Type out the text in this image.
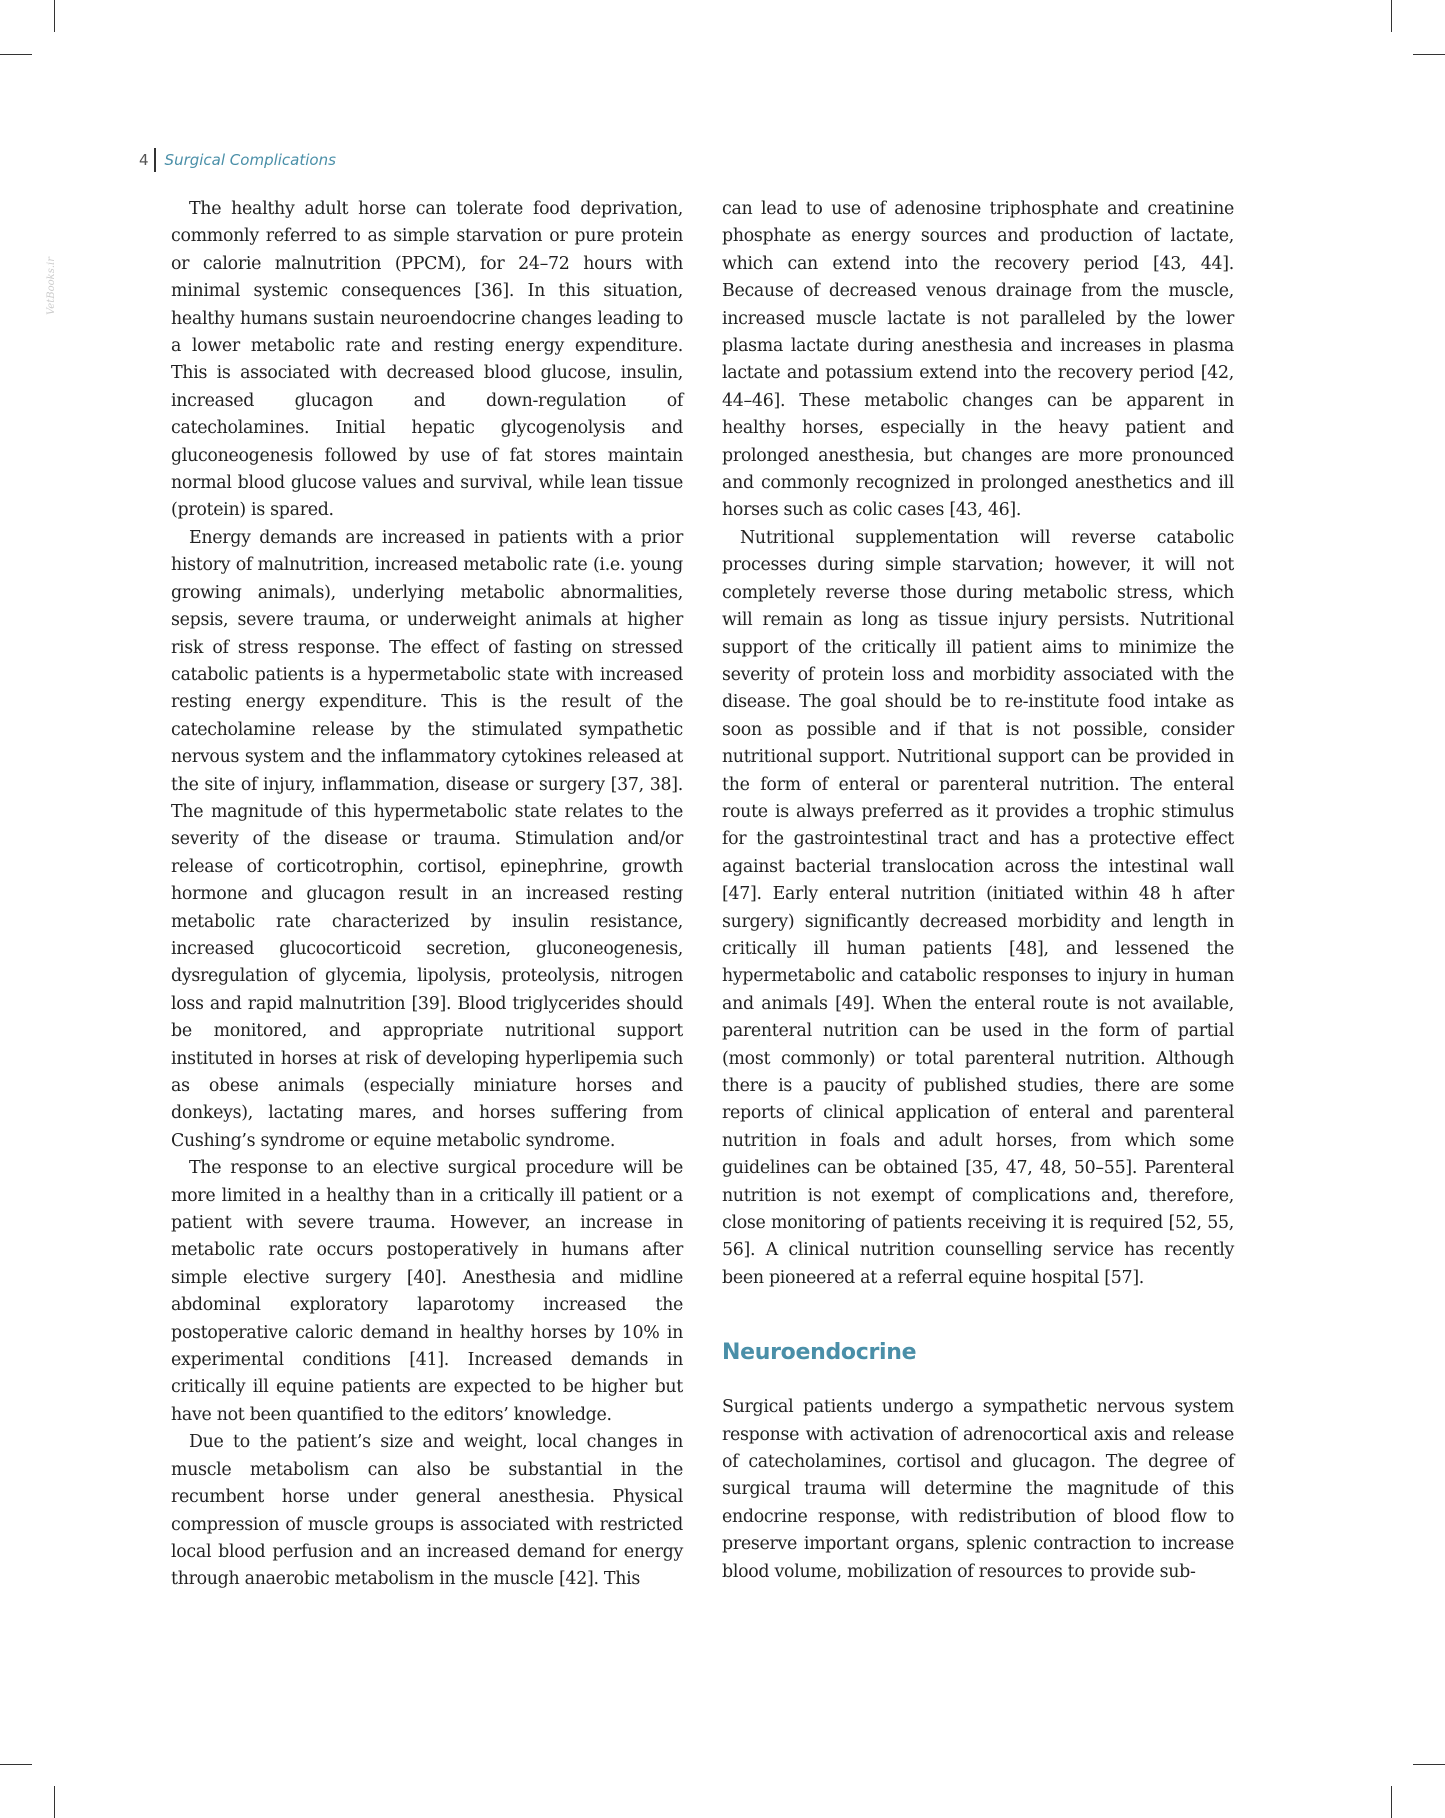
VetBooks.ir
4	Surgical Complications

The healthy adult horse can tolerate food deprivation, commonly referred to as simple starvation or pure protein or calorie malnutrition (PPCM), for 24–72 hours with minimal systemic consequences [36]. In this situation, healthy humans sustain neuroendocrine changes leading to a lower metabolic rate and resting energy expenditure. This is associated with decreased blood glucose, insulin, increased glucagon and down-regulation of catecholamines. Initial hepatic glycogenolysis and gluconeogenesis followed by use of fat stores maintain normal blood glucose values and survival, while lean tissue (protein) is spared.

Energy demands are increased in patients with a prior history of malnutrition, increased metabolic rate (i.e. young growing animals), underlying metabolic abnormalities, sepsis, severe trauma, or underweight animals at higher risk of stress response. The effect of fasting on stressed catabolic patients is a hypermetabolic state with increased resting energy expenditure. This is the result of the catecholamine release by the stimulated sympathetic nervous system and the inflammatory cytokines released at the site of injury, inflammation, disease or surgery [37, 38]. The magnitude of this hypermetabolic state relates to the severity of the disease or trauma. Stimulation and/or release of corticotrophin, cortisol, epinephrine, growth hormone and glucagon result in an increased resting metabolic rate characterized by insulin resistance, increased glucocorticoid secretion, gluconeogenesis, dysregulation of glycemia, lipolysis, proteolysis, nitrogen loss and rapid malnutrition [39]. Blood triglycerides should be monitored, and appropriate nutritional support instituted in horses at risk of developing hyperlipemia such as obese animals (especially miniature horses and donkeys), lactating mares, and horses suffering from Cushing’s syndrome or equine metabolic syndrome.

The response to an elective surgical procedure will be more limited in a healthy than in a critically ill patient or a patient with severe trauma. However, an increase in metabolic rate occurs postoperatively in humans after simple elective surgery [40]. Anesthesia and midline abdominal exploratory laparotomy increased the postoperative caloric demand in healthy horses by 10% in experimental conditions [41]. Increased demands in critically ill equine patients are expected to be higher but have not been quantified to the editors’ knowledge.

Due to the patient’s size and weight, local changes in muscle metabolism can also be substantial in the recumbent horse under general anesthesia. Physical compression of muscle groups is associated with restricted local blood perfusion and an increased demand for energy through anaerobic metabolism in the muscle [42]. This

can lead to use of adenosine triphosphate and creatinine phosphate as energy sources and production of lactate, which can extend into the recovery period [43, 44]. Because of decreased venous drainage from the muscle, increased muscle lactate is not paralleled by the lower plasma lactate during anesthesia and increases in plasma lactate and potassium extend into the recovery period [42, 44–46]. These metabolic changes can be apparent in healthy horses, especially in the heavy patient and prolonged anesthesia, but changes are more pronounced and commonly recognized in prolonged anesthetics and ill horses such as colic cases [43, 46].

Nutritional supplementation will reverse catabolic processes during simple starvation; however, it will not completely reverse those during metabolic stress, which will remain as long as tissue injury persists. Nutritional support of the critically ill patient aims to minimize the severity of protein loss and morbidity associated with the disease. The goal should be to re-institute food intake as soon as possible and if that is not possible, consider nutritional support. Nutritional support can be provided in the form of enteral or parenteral nutrition. The enteral route is always preferred as it provides a trophic stimulus for the gastrointestinal tract and has a protective effect against bacterial translocation across the intestinal wall [47]. Early enteral nutrition (initiated within 48 h after surgery) significantly decreased morbidity and length in critically ill human patients [48], and lessened the hypermetabolic and catabolic responses to injury in human and animals [49]. When the enteral route is not available, parenteral nutrition can be used in the form of partial (most commonly) or total parenteral nutrition. Although there is a paucity of published studies, there are some reports of clinical application of enteral and parenteral nutrition in foals and adult horses, from which some guidelines can be obtained [35, 47, 48, 50–55]. Parenteral nutrition is not exempt of complications and, therefore, close monitoring of patients receiving it is required [52, 55, 56]. A clinical nutrition counselling service has recently been pioneered at a referral equine hospital [57].

Neuroendocrine

Surgical patients undergo a sympathetic nervous system response with activation of adrenocortical axis and release of catecholamines, cortisol and glucagon. The degree of surgical trauma will determine the magnitude of this endocrine response, with redistribution of blood flow to preserve important organs, splenic contraction to increase blood volume, mobilization of resources to provide sub-
